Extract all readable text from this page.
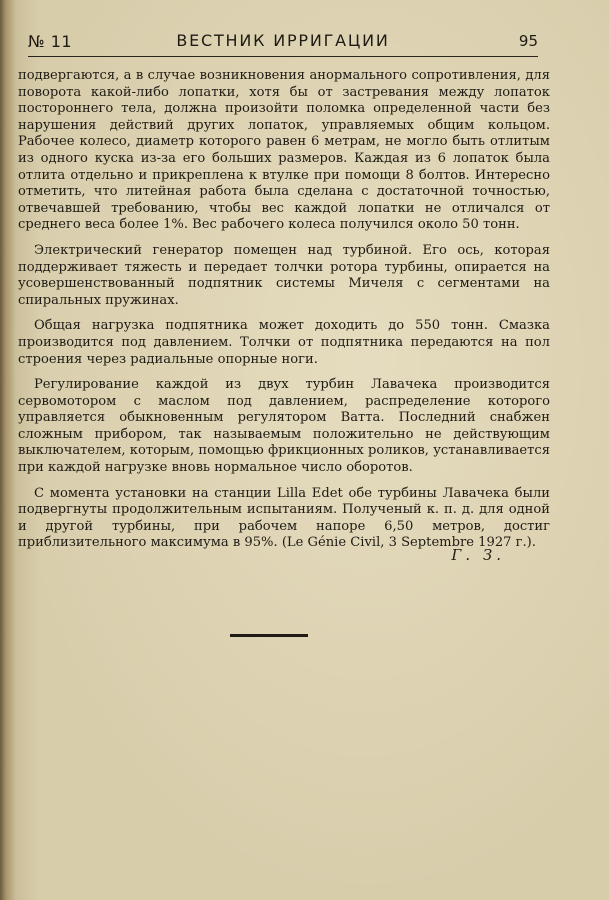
№ 11	ВЕСТНИК ИРРИГАЦИИ	95

подвергаются, а в случае возникновения анормального сопротивления, для поворота какой-либо лопатки, хотя бы от застревания между лопаток постороннего тела, должна произойти поломка определенной части без нарушения действий других лопаток, управляемых общим кольцом. Рабочее колесо, диаметр которого равен 6 метрам, не могло быть отлитым из одного куска из-за его больших размеров. Каждая из 6 лопаток была отлита отдельно и прикреплена к втулке при помощи 8 болтов. Интересно отметить, что литейная работа была сделана с достаточной точностью, отвечавшей требованию, чтобы вес каждой лопатки не отличался от среднего веса более 1%. Вес рабочего колеса получился около 50 тонн.

Электрический генератор помещен над турбиной. Его ось, которая поддерживает тяжесть и передает толчки ротора турбины, опирается на усовершенствованный подпятник системы Мичеля с сегментами на спиральных пружинах.

Общая нагрузка подпятника может доходить до 550 тонн. Смазка производится под давлением. Толчки от подпятника передаются на пол строения через радиальные опорные ноги.

Регулирование каждой из двух турбин Лавачека производится сервомотором с маслом под давлением, распределение которого управляется обыкновенным регулятором Ватта. Последний снабжен сложным прибором, так называемым положительно не действующим выключателем, которым, помощью фрикционных роликов, устанавливается при каждой нагрузке вновь нормальное число оборотов.

С момента установки на станции Lilla Edet обе турбины Лавачека были подвергнуты продолжительным испытаниям. Полученый к. п. д. для одной и другой турбины, при рабочем напоре 6,50 метров, достиг приблизительного максимума в 95%. (Le Génie Civil, 3 Septembre 1927 г.).

Г. З.
